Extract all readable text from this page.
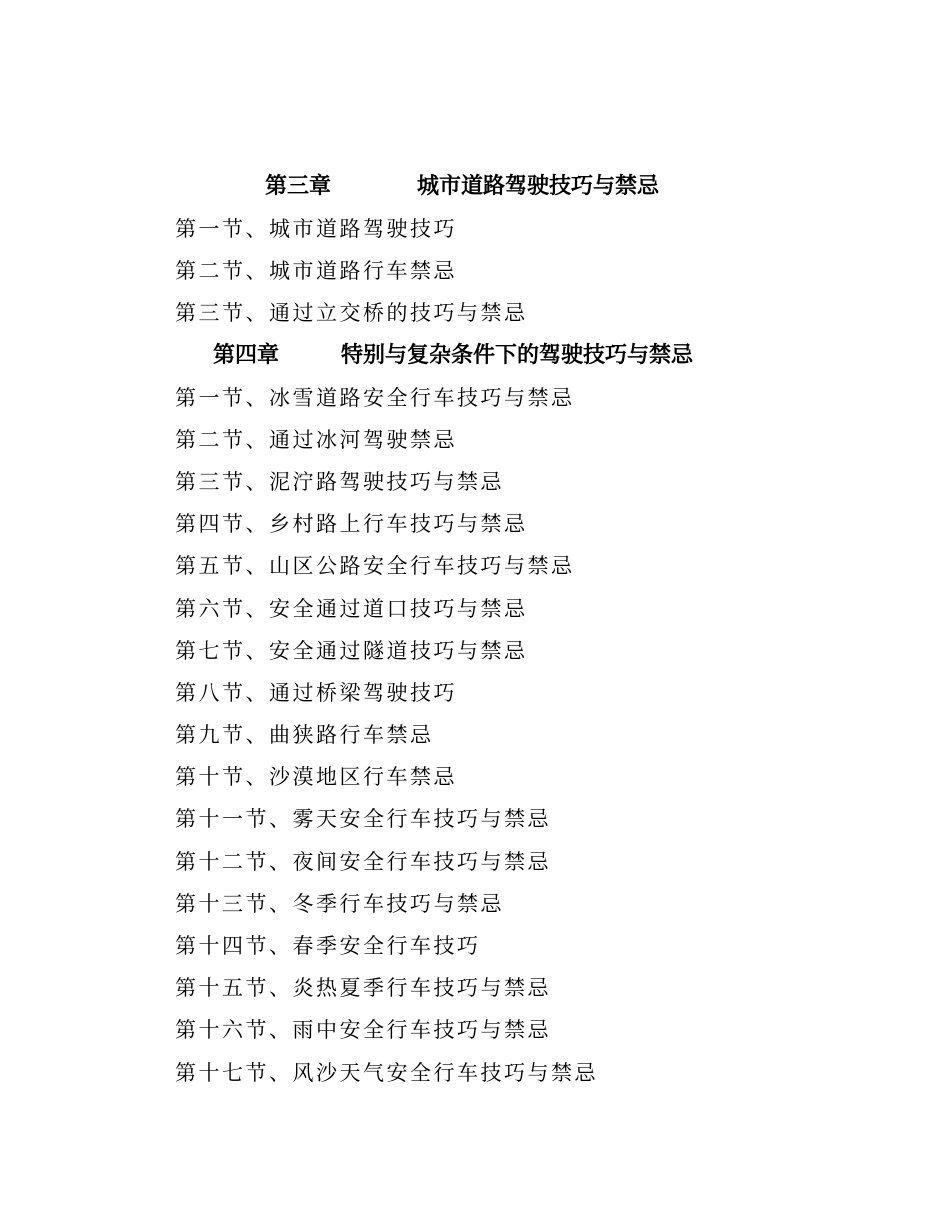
第三章	城市道路驾驶技巧与禁忌
第一节、城市道路驾驶技巧
第二节、城市道路行车禁忌
第三节、通过立交桥的技巧与禁忌
第四章	特别与复杂条件下的驾驶技巧与禁忌
第一节、冰雪道路安全行车技巧与禁忌
第二节、通过冰河驾驶禁忌
第三节、泥泞路驾驶技巧与禁忌
第四节、乡村路上行车技巧与禁忌
第五节、山区公路安全行车技巧与禁忌
第六节、安全通过道口技巧与禁忌
第七节、安全通过隧道技巧与禁忌
第八节、通过桥梁驾驶技巧
第九节、曲狭路行车禁忌
第十节、沙漠地区行车禁忌
第十一节、雾天安全行车技巧与禁忌
第十二节、夜间安全行车技巧与禁忌
第十三节、冬季行车技巧与禁忌
第十四节、春季安全行车技巧
第十五节、炎热夏季行车技巧与禁忌
第十六节、雨中安全行车技巧与禁忌
第十七节、风沙天气安全行车技巧与禁忌
